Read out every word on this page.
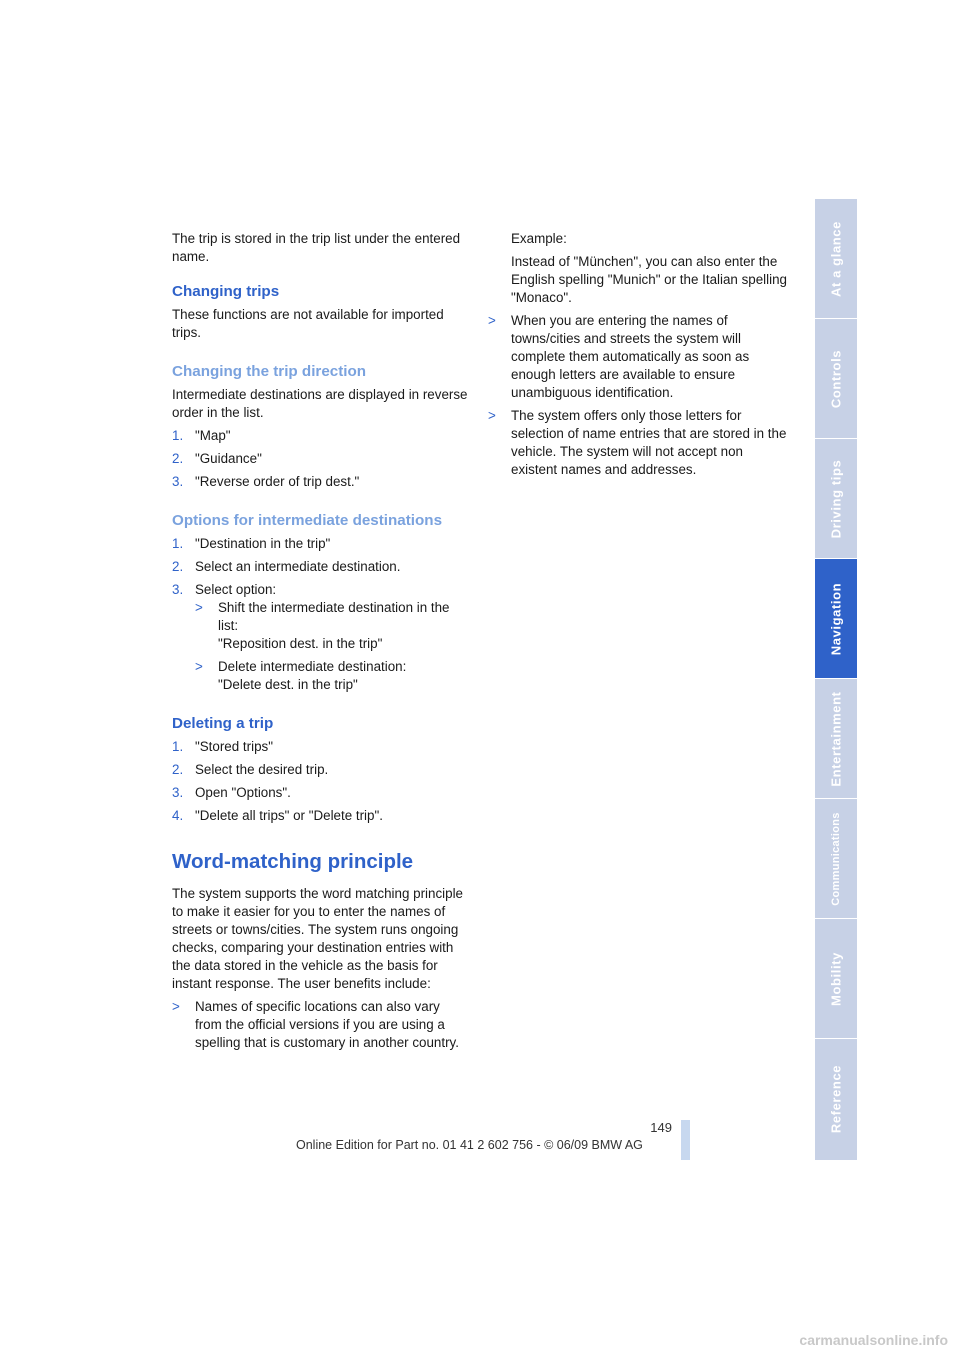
The trip is stored in the trip list under the entered name.

Changing trips

These functions are not available for imported trips.

Changing the trip direction

Intermediate destinations are displayed in reverse order in the list.

1. "Map"
2. "Guidance"
3. "Reverse order of trip dest."
Options for intermediate destinations
1. "Destination in the trip"
2. Select an intermediate destination.
3. Select option:
> Shift the intermediate destination in the list:
"Reposition dest. in the trip"
> Delete intermediate destination:
"Delete dest. in the trip"
Deleting a trip
1. "Stored trips"
2. Select the desired trip.
3. Open "Options".
4. "Delete all trips" or "Delete trip".
Word-matching principle

The system supports the word matching principle to make it easier for you to enter the names of streets or towns/cities. The system runs ongoing checks, comparing your destination entries with the data stored in the vehicle as the basis for instant response. The user benefits include:

> Names of specific locations can also vary from the official versions if you are using a spelling that is customary in another country.
Example:
Instead of "München", you can also enter the English spelling "Munich" or the Italian spelling "Monaco".
> When you are entering the names of towns/cities and streets the system will complete them automatically as soon as enough letters are available to ensure unambiguous identification.
> The system offers only those letters for selection of name entries that are stored in the vehicle. The system will not accept non existent names and addresses.
At a glance
Controls
Driving tips
Navigation
Entertainment
Communications
Mobility
Reference
149
Online Edition for Part no. 01 41 2 602 756 - © 06/09 BMW AG
carmanualsonline.info
